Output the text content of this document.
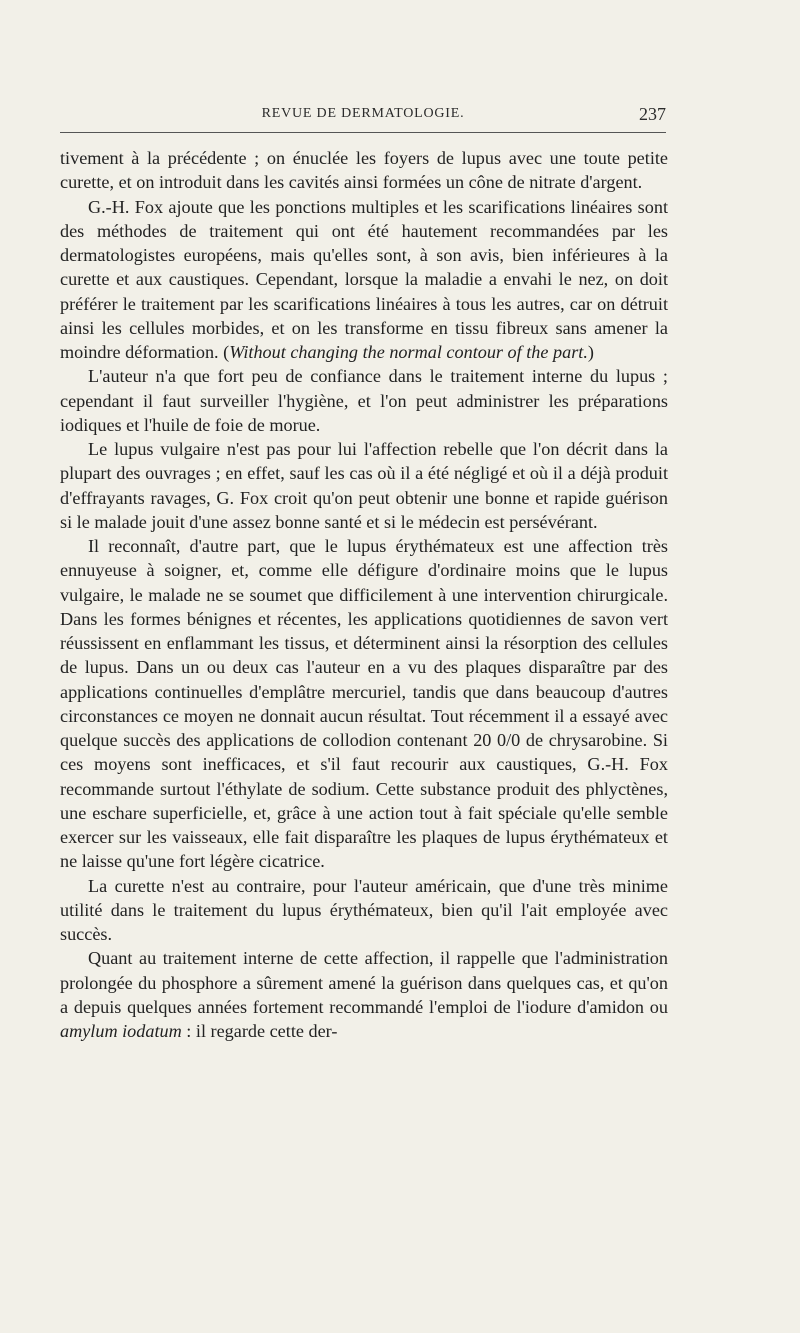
REVUE DE DERMATOLOGIE.	237

tivement à la précédente ; on énuclée les foyers de lupus avec une toute petite curette, et on introduit dans les cavités ainsi formées un cône de nitrate d'argent.

G.-H. Fox ajoute que les ponctions multiples et les scarifications linéaires sont des méthodes de traitement qui ont été hautement recommandées par les dermatologistes européens, mais qu'elles sont, à son avis, bien inférieures à la curette et aux caustiques. Cependant, lorsque la maladie a envahi le nez, on doit préférer le traitement par les scarifications linéaires à tous les autres, car on détruit ainsi les cellules morbides, et on les transforme en tissu fibreux sans amener la moindre déformation. (Without changing the normal contour of the part.)

L'auteur n'a que fort peu de confiance dans le traitement interne du lupus ; cependant il faut surveiller l'hygiène, et l'on peut administrer les préparations iodiques et l'huile de foie de morue.

Le lupus vulgaire n'est pas pour lui l'affection rebelle que l'on décrit dans la plupart des ouvrages ; en effet, sauf les cas où il a été négligé et où il a déjà produit d'effrayants ravages, G. Fox croit qu'on peut obtenir une bonne et rapide guérison si le malade jouit d'une assez bonne santé et si le médecin est persévérant.

Il reconnaît, d'autre part, que le lupus érythémateux est une affection très ennuyeuse à soigner, et, comme elle défigure d'ordinaire moins que le lupus vulgaire, le malade ne se soumet que difficilement à une intervention chirurgicale. Dans les formes bénignes et récentes, les applications quotidiennes de savon vert réussissent en enflammant les tissus, et déterminent ainsi la résorption des cellules de lupus. Dans un ou deux cas l'auteur en a vu des plaques disparaître par des applications continuelles d'emplâtre mercuriel, tandis que dans beaucoup d'autres circonstances ce moyen ne donnait aucun résultat. Tout récemment il a essayé avec quelque succès des applications de collodion contenant 20 0/0 de chrysarobine. Si ces moyens sont inefficaces, et s'il faut recourir aux caustiques, G.-H. Fox recommande surtout l'éthylate de sodium. Cette substance produit des phlyctènes, une eschare superficielle, et, grâce à une action tout à fait spéciale qu'elle semble exercer sur les vaisseaux, elle fait disparaître les plaques de lupus érythémateux et ne laisse qu'une fort légère cicatrice.

La curette n'est au contraire, pour l'auteur américain, que d'une très minime utilité dans le traitement du lupus érythémateux, bien qu'il l'ait employée avec succès.

Quant au traitement interne de cette affection, il rappelle que l'administration prolongée du phosphore a sûrement amené la guérison dans quelques cas, et qu'on a depuis quelques années fortement recommandé l'emploi de l'iodure d'amidon ou amylum iodatum : il regarde cette der-
